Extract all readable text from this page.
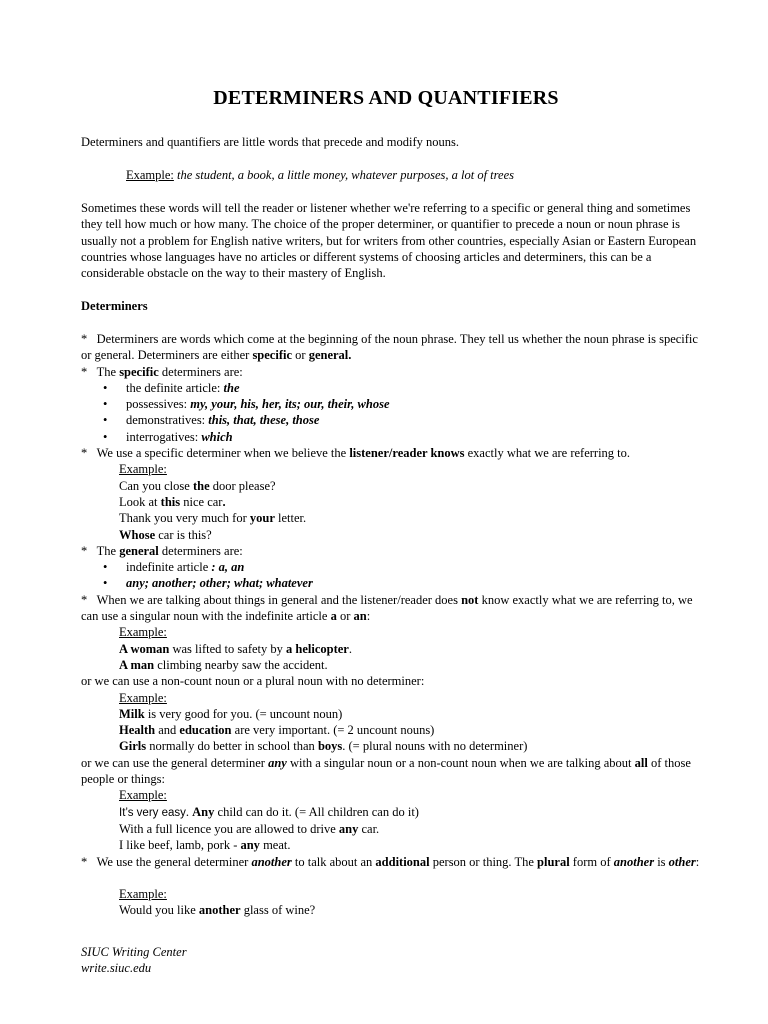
DETERMINERS AND QUANTIFIERS

Determiners and quantifiers are little words that precede and modify nouns.

Example: the student, a book, a little money, whatever purposes, a lot of trees

Sometimes these words will tell the reader or listener whether we're referring to a specific or general thing and sometimes they tell how much or how many. The choice of the proper determiner, or quantifier to precede a noun or noun phrase is usually not a problem for English native writers, but for writers from other countries, especially Asian or Eastern European countries whose languages have no articles or different systems of choosing articles and determiners, this can be a considerable obstacle on the way to their mastery of English.

Determiners

* Determiners are words which come at the beginning of the noun phrase. They tell us whether the noun phrase is specific or general. Determiners are either specific or general.

* The specific determiners are:

• the definite article: the
• possessives: my, your, his, her, its; our, their, whose
• demonstratives: this, that, these, those
• interrogatives: which

* We use a specific determiner when we believe the listener/reader knows exactly what we are referring to.

Example:

Can you close the door please?

Look at this nice car.

Thank you very much for your letter.

Whose car is this?

* The general determiners are:

• indefinite article : a, an
• any; another; other; what; whatever

* When we are talking about things in general and the listener/reader does not know exactly what we are referring to, we can use a singular noun with the indefinite article a or an:

Example:

A woman was lifted to safety by a helicopter.

A man climbing nearby saw the accident.

or we can use a non-count noun or a plural noun with no determiner:

Example:

Milk is very good for you. (= uncount noun)

Health and education are very important. (= 2 uncount nouns)

Girls normally do better in school than boys. (= plural nouns with no determiner)

or we can use the general determiner any with a singular noun or a non-count noun when we are talking about all of those people or things:

Example:

It’s very easy. Any child can do it. (= All children can do it)

With a full licence you are allowed to drive any car.

I like beef, lamb, pork - any meat.

* We use the general determiner another to talk about an additional person or thing. The plural form of another is other:

Example:

Would you like another glass of wine?

SIUC Writing Center

write.siuc.edu
